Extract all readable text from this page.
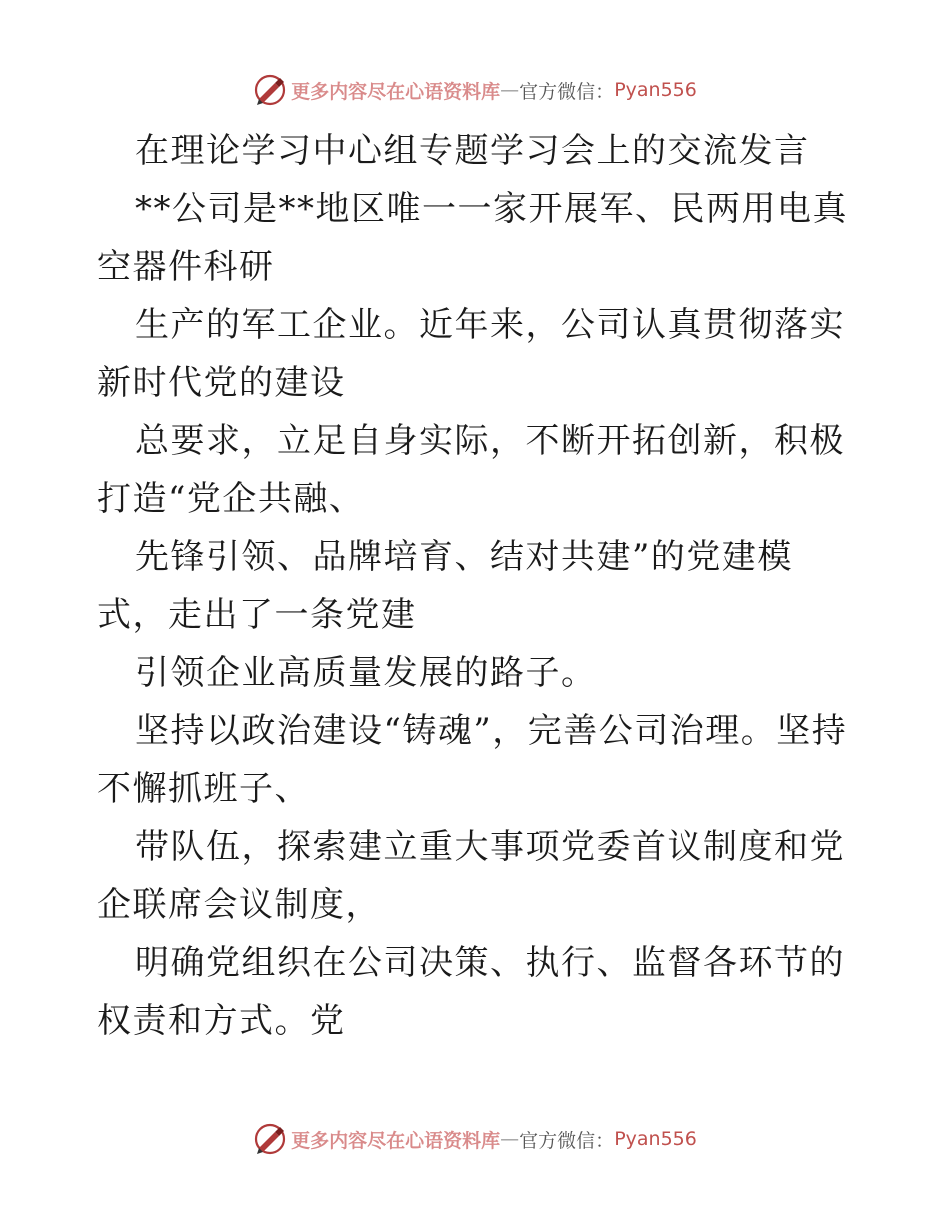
更多内容尽在心语资料库 — 官方微信： Pyan556

在理论学习中心组专题学习会上的交流发言

**公司是**地区唯一一家开展军、民两用电真空器件科研

生产的军工企业。近年来，公司认真贯彻落实新时代党的建设

总要求，立足自身实际，不断开拓创新，积极打造“党企共融、

先锋引领、品牌培育、结对共建”的党建模式，走出了一条党建

引领企业高质量发展的路子。

坚持以政治建设“铸魂”，完善公司治理。坚持不懈抓班子、

带队伍，探索建立重大事项党委首议制度和党企联席会议制度，

明确党组织在公司决策、执行、监督各环节的权责和方式。党

更多内容尽在心语资料库 — 官方微信： Pyan556
